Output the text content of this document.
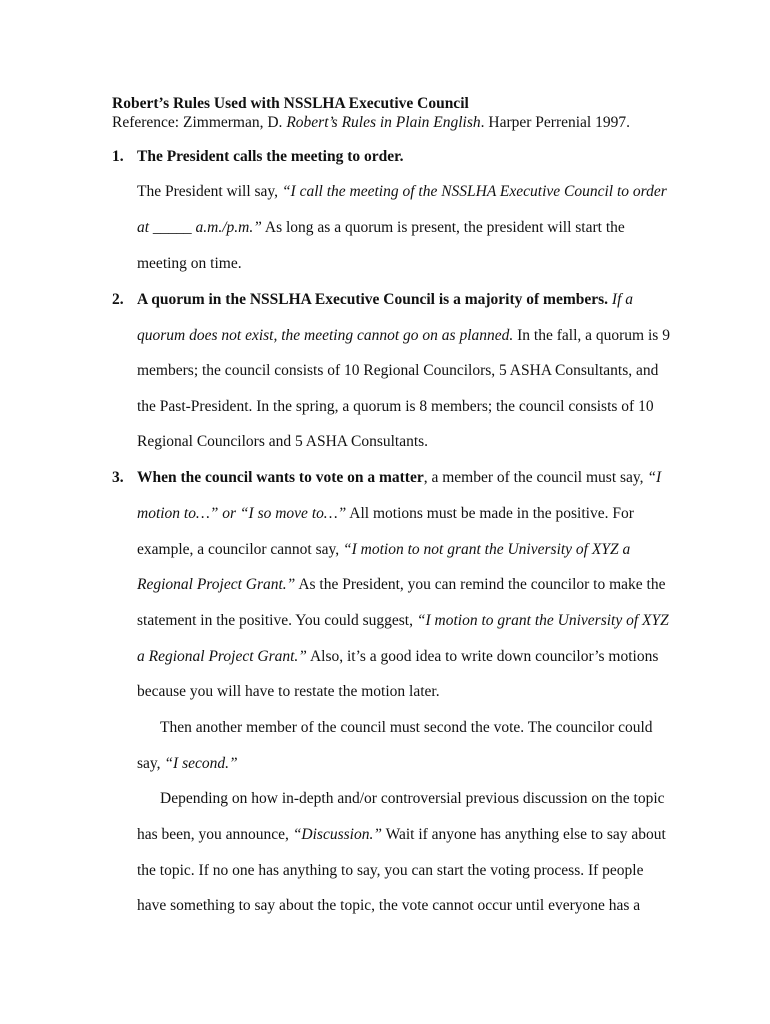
Robert’s Rules Used with NSSLHA Executive Council
Reference: Zimmerman, D. Robert’s Rules in Plain English. Harper Perrenial 1997.
1. The President calls the meeting to order.
The President will say, “I call the meeting of the NSSLHA Executive Council to order
at _____ a.m./p.m.” As long as a quorum is present, the president will start the
meeting on time.
2. A quorum in the NSSLHA Executive Council is a majority of members. If a
quorum does not exist, the meeting cannot go on as planned. In the fall, a quorum is 9
members; the council consists of 10 Regional Councilors, 5 ASHA Consultants, and
the Past-President. In the spring, a quorum is 8 members; the council consists of 10
Regional Councilors and 5 ASHA Consultants.
3. When the council wants to vote on a matter, a member of the council must say, “I
motion to…” or “I so move to…” All motions must be made in the positive. For
example, a councilor cannot say, “I motion to not grant the University of XYZ a
Regional Project Grant.” As the President, you can remind the councilor to make the
statement in the positive. You could suggest, “I motion to grant the University of XYZ
a Regional Project Grant.” Also, it’s a good idea to write down councilor’s motions
because you will have to restate the motion later.
Then another member of the council must second the vote. The councilor could
say, “I second.”
Depending on how in-depth and/or controversial previous discussion on the topic
has been, you announce, “Discussion.” Wait if anyone has anything else to say about
the topic. If no one has anything to say, you can start the voting process. If people
have something to say about the topic, the vote cannot occur until everyone has a
